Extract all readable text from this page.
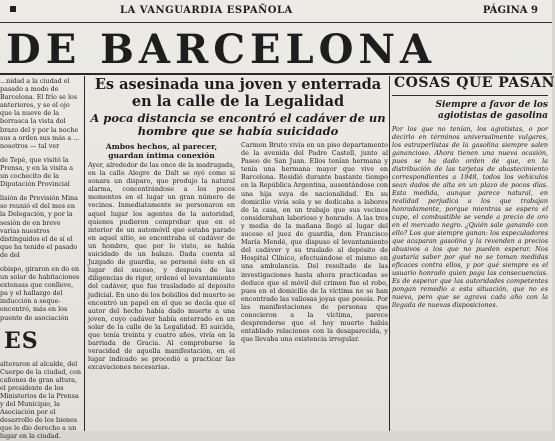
LA VANGUARDIA ESPAÑOLA	PÁGINA 9
DE BARCELONA
...nidad a la ciudad el pasado a modo de Barcelona. El frío se los anteriores, y se el ojo que la nueve de la borrasca la vista del brazo del y por la noche sus a orden sus más a ... nosotros — tal ver
de Tepé, que visitó la Prensa, y en la visita a un cochecito de la Diputación Provincial
lisión de Previsión Mina se reunió el del mes en la Delegación, y por la sesión de en breve varias nuestros distinguidos el de sí el que ha tenido el pasado de del
obispo, giraron en do en un solar de habitaciones extensas que conlleve, pa y el hallazgo del inducción a seque-encontró, más en los puente de asociación
ES
alteraron al alcalde, del Cuerpo de la ciudad, con cañones de gran altura, el presidente de los Ministerios de la Prensa y del Municipio, la Asociación por el desarrollo de los bienes que le dio derecho a un lugar en la ciudad.
Es asesinada una joven y enterrada en la calle de la Legalidad
A poca distancia se encontró el cadáver de un hombre que se había suicidado
Ambos hechos, al parecer, guardan íntima conexión
Ayer, alrededor de las once de la madrugada, en la calle Alegre de Dalt se oyó como si sonara un disparo, que produjo la natural alarma, concentrándose a los pocos momentos en el lugar un gran número de vecinos. Inmediatamente se personaron en aquel lugar los agentes de la autoridad, quienes pudieron comprobar que en el interior de un automóvil que estaba parado en aquel sitio, se encontraba el cadáver de un hombre, que por lo visto, se había suicidado de un balazo. Dada cuenta al Juzgado de guardia, se personó éste en el lugar del suceso, y después de las diligencias de rigor, ordenó el levantamiento del cadáver, que fue trasladado al depósito judicial. En uno de los bolsillos del muerto se encontró un papel en el que se decía que el autor del hecho había dado muerte a una joven, cuyo cadáver había enterrado en un solar de la calle de la Legalidad. El suicida, que tenía treinta y cuatro años, vivía en la barriada de Gracia. Al comprobarse la veracidad de aquella manifestación, en el lugar indicado se procedió a practicar las excavaciones necesarias.
Carmen Bruto vivía en un piso departamento de la avenida del Padre Castell, junto al Paseo de San Juan. Ellos tenían hermana y tenía una hermana mayor que vive en Barcelona. Residió durante bastante tiempo en la República Argentina, ausentándose con una hija suya de nacionalidad. En su domicilio vivía sola y se dedicaba a labores de la casa, en un trabajo que sus vecinos consideraban laborioso y honrado. A las tres y media de la mañana llegó al lugar del suceso el juez de guardia, don Francisco María Mendé, que dispuso el levantamiento del cadáver y su traslado al depósito de Hospital Clínico, efectuándose el mismo en una ambulancia. Del resultado de las investigaciones hasta ahora practicadas se deduce que el móvil del crimen fue el robo, pues en el domicilio de la víctima no se han encontrado las valiosas joyas que poseía. Por las manifestaciones de personas que conocieron a la víctima, parece desprenderse que el hoy muerto había entablado relaciones con la desaparecida, y que llevaba una existencia irregular.
COSAS QUE PASAN
Siempre a favor de los agiotistas de gasolina
Por los que no tenían, los agiotistas, o por decirlo en términos universalmente vulgares, los estraperlistas de la gasolina siempre salen ganancioso. Ahora tienen una nueva ocasión, pues se ha dado orden de que, en la distribución de las tarjetas de abastecimiento correspondientes a 1948, todos los vehículos sean dados de alta en un plazo de pocos días. Esta medida, aunque parece natural, en realidad perjudica a los que trabajan honradamente, porque mientras se espera el cupo, el combustible se vende a precio de oro en el mercado negro. ¿Quién sale ganando con ello? Los que siempre ganan: los especuladores que acaparan gasolina y la revenden a precios abusivos a los que no pueden esperar. Nos gustaría saber por qué no se toman medidas eficaces contra ellos, y por qué siempre es el usuario honrado quien paga las consecuencias. Es de esperar que las autoridades competentes pongan remedio a esta situación, que no es nueva, pero que se agrava cada año con la llegada de nuevas disposiciones.
